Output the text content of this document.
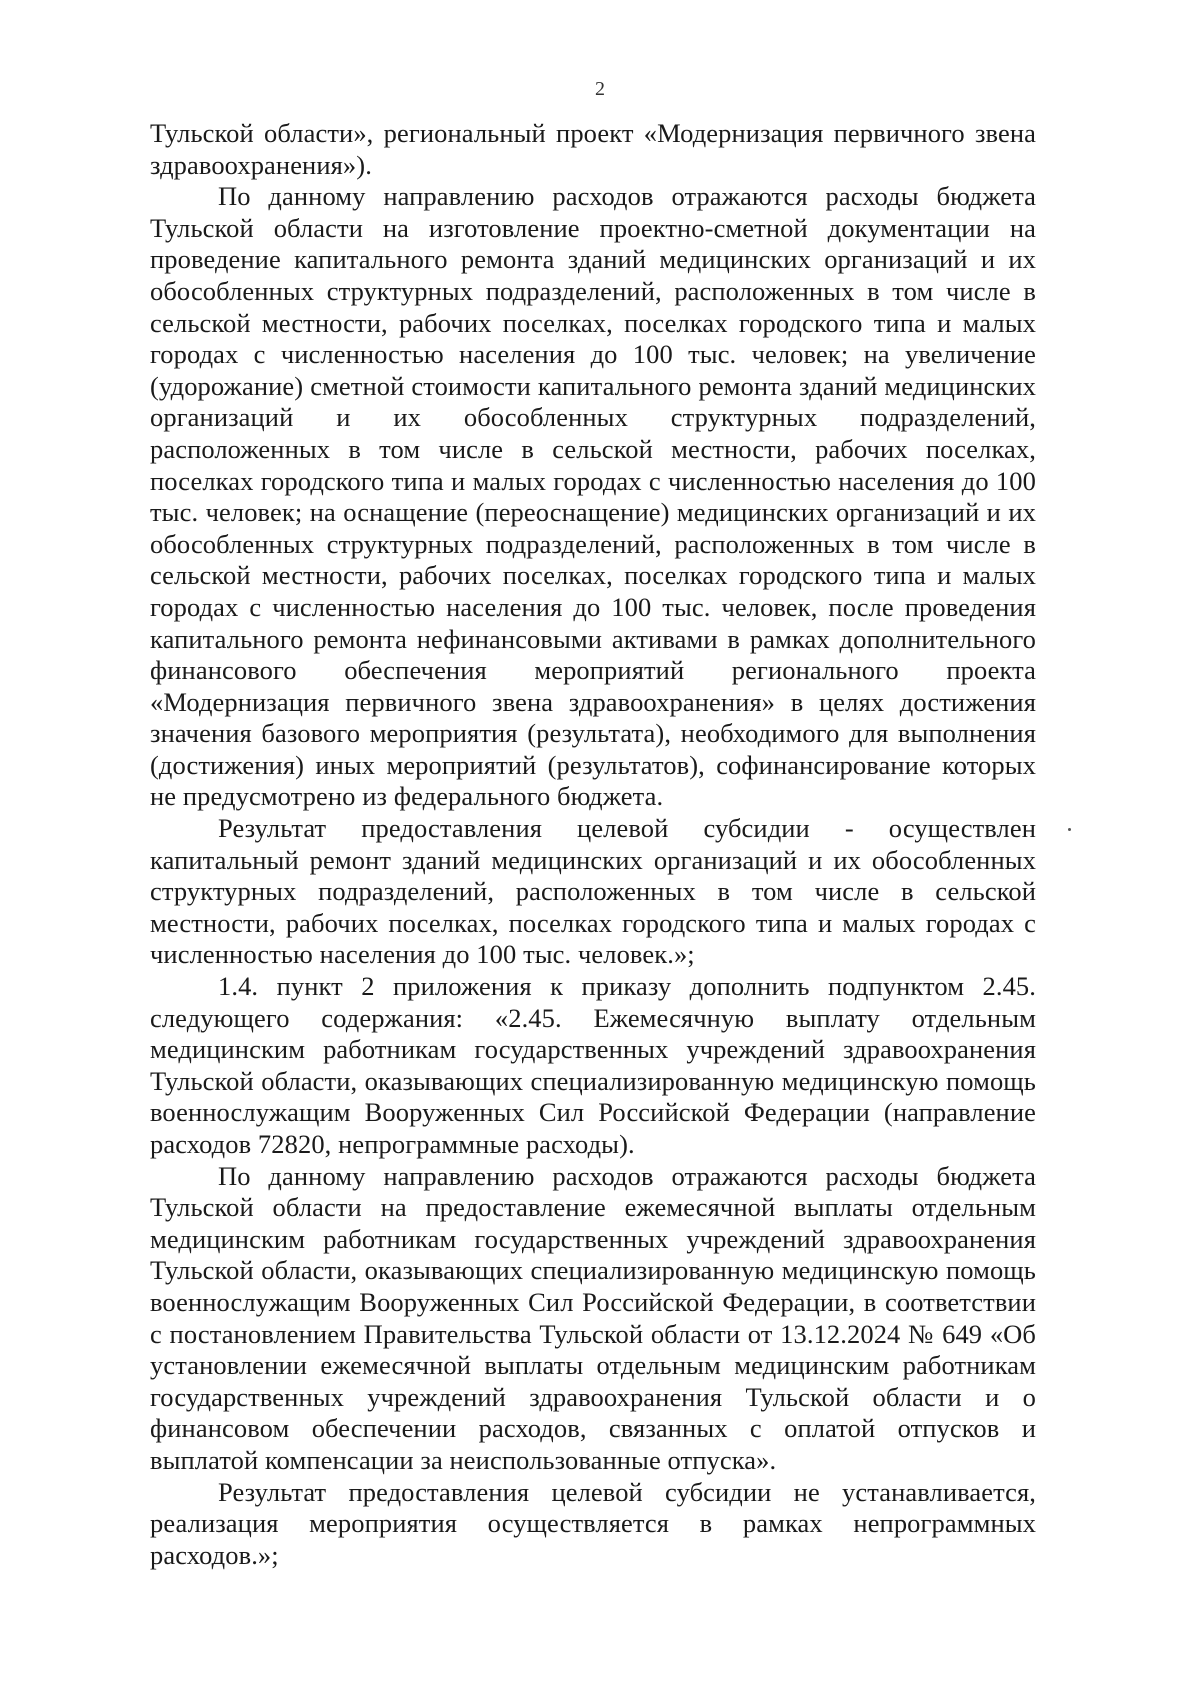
2

Тульской области», региональный проект «Модернизация первичного звена здравоохранения»).

По данному направлению расходов отражаются расходы бюджета Тульской области на изготовление проектно-сметной документации на проведение капитального ремонта зданий медицинских организаций и их обособленных структурных подразделений, расположенных в том числе в сельской местности, рабочих поселках, поселках городского типа и малых городах с численностью населения до 100 тыс. человек; на увеличение (удорожание) сметной стоимости капитального ремонта зданий медицинских организаций и их обособленных структурных подразделений, расположенных в том числе в сельской местности, рабочих поселках, поселках городского типа и малых городах с численностью населения до 100 тыс. человек; на оснащение (переоснащение) медицинских организаций и их обособленных структурных подразделений, расположенных в том числе в сельской местности, рабочих поселках, поселках городского типа и малых городах с численностью населения до 100 тыс. человек, после проведения капитального ремонта нефинансовыми активами в рамках дополнительного финансового обеспечения мероприятий регионального проекта «Модернизация первичного звена здравоохранения» в целях достижения значения базового мероприятия (результата), необходимого для выполнения (достижения) иных мероприятий (результатов), софинансирование которых не предусмотрено из федерального бюджета.

Результат предоставления целевой субсидии - осуществлен капитальный ремонт зданий медицинских организаций и их обособленных структурных подразделений, расположенных в том числе в сельской местности, рабочих поселках, поселках городского типа и малых городах с численностью населения до 100 тыс. человек.»;

1.4. пункт 2 приложения к приказу дополнить подпунктом 2.45. следующего содержания: «2.45. Ежемесячную выплату отдельным медицинским работникам государственных учреждений здравоохранения Тульской области, оказывающих специализированную медицинскую помощь военнослужащим Вооруженных Сил Российской Федерации (направление расходов 72820, непрограммные расходы).

По данному направлению расходов отражаются расходы бюджета Тульской области на предоставление ежемесячной выплаты отдельным медицинским работникам государственных учреждений здравоохранения Тульской области, оказывающих специализированную медицинскую помощь военнослужащим Вооруженных Сил Российской Федерации, в соответствии с постановлением Правительства Тульской области от 13.12.2024 № 649 «Об установлении ежемесячной выплаты отдельным медицинским работникам государственных учреждений здравоохранения Тульской области и о финансовом обеспечении расходов, связанных с оплатой отпусков и выплатой компенсации за неиспользованные отпуска».

Результат предоставления целевой субсидии не устанавливается, реализация мероприятия осуществляется в рамках непрограммных расходов.»;
